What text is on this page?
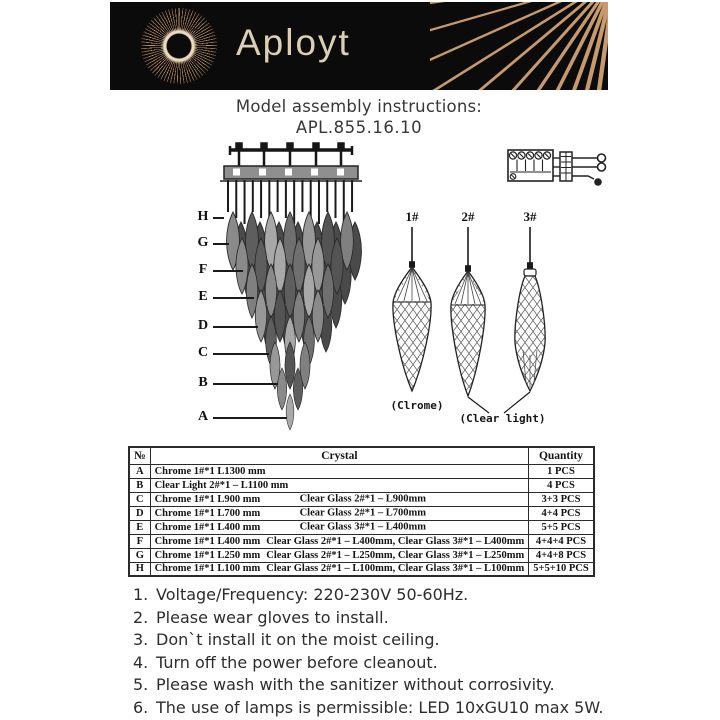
Aployt
Model assembly instructions:
APL.855.16.10
(Clrome)
(Clear light)
№	Crystal	Quantity
A	Chrome 1#*1 L1300 mm	1 PCS
B	Clear Light 2#*1 – L1100 mm	4 PCS
C	Chrome 1#*1 L900 mm Clear Glass 2#*1 – L900mm	3+3 PCS
D	Chrome 1#*1 L700 mm Clear Glass 2#*1 – L700mm	4+4 PCS
E	Chrome 1#*1 L400 mm Clear Glass 3#*1 – L400mm	5+5 PCS
F	Chrome 1#*1 L400 mm Clear Glass 2#*1 – L400mm, Clear Glass 3#*1 – L400mm	4+4+4 PCS
G	Chrome 1#*1 L250 mm Clear Glass 2#*1 – L250mm, Clear Glass 3#*1 – L250mm	4+4+8 PCS
H	Chrome 1#*1 L100 mm Clear Glass 2#*1 – L100mm, Clear Glass 3#*1 – L100mm	5+5+10 PCS
1. Voltage/Frequency: 220-230V 50-60Hz.
2. Please wear gloves to install.
3. Don`t install it on the moist ceiling.
4. Turn off the power before cleanout.
5. Please wash with the sanitizer without corrosivity.
6. The use of lamps is permissible: LED 10xGU10 max 5W.
H
G
F
E
D
C
B
A
1#	2#	3#
